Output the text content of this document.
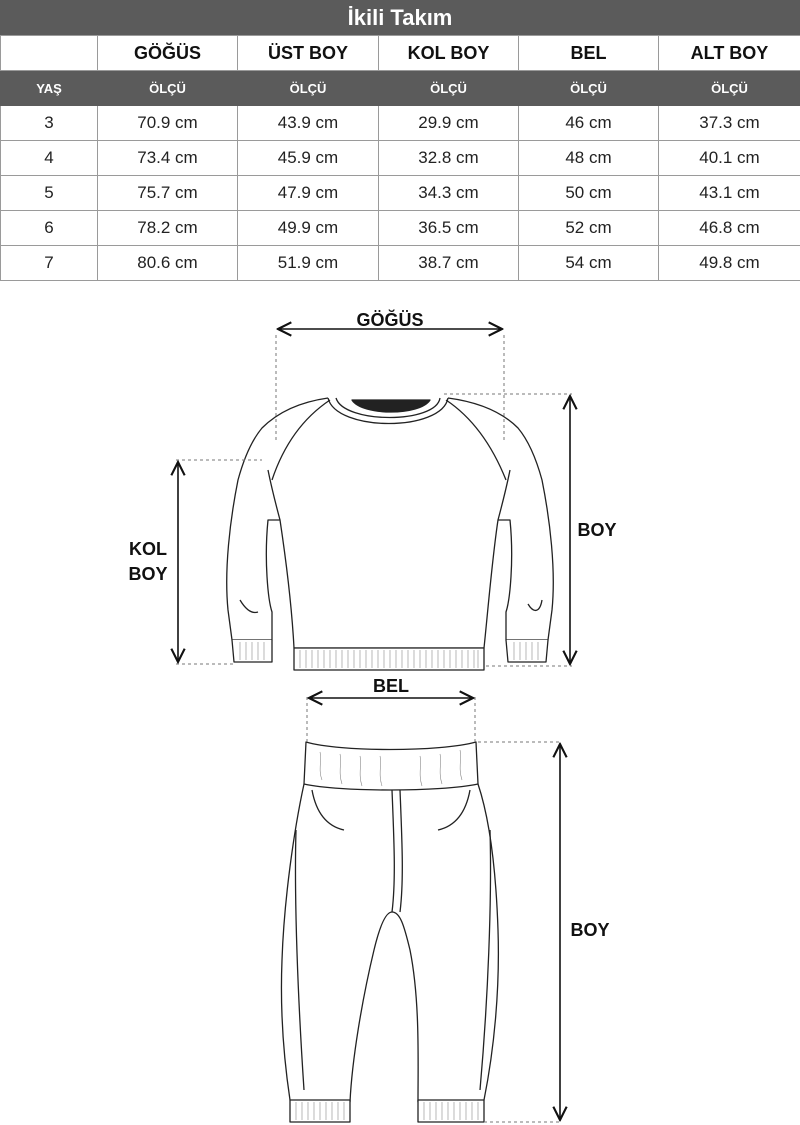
İkili Takım
	GÖĞÜS	ÜST BOY	KOL BOY	BEL	ALT BOY
YAŞ	ÖLÇÜ	ÖLÇÜ	ÖLÇÜ	ÖLÇÜ	ÖLÇÜ
3	70.9 cm	43.9 cm	29.9 cm	46 cm	37.3 cm
4	73.4 cm	45.9 cm	32.8 cm	48 cm	40.1 cm
5	75.7 cm	47.9 cm	34.3 cm	50 cm	43.1 cm
6	78.2 cm	49.9 cm	36.5 cm	52 cm	46.8 cm
7	80.6 cm	51.9 cm	38.7 cm	54 cm	49.8 cm
GÖĞÜS
KOL
BOY
BOY
BEL
BOY
